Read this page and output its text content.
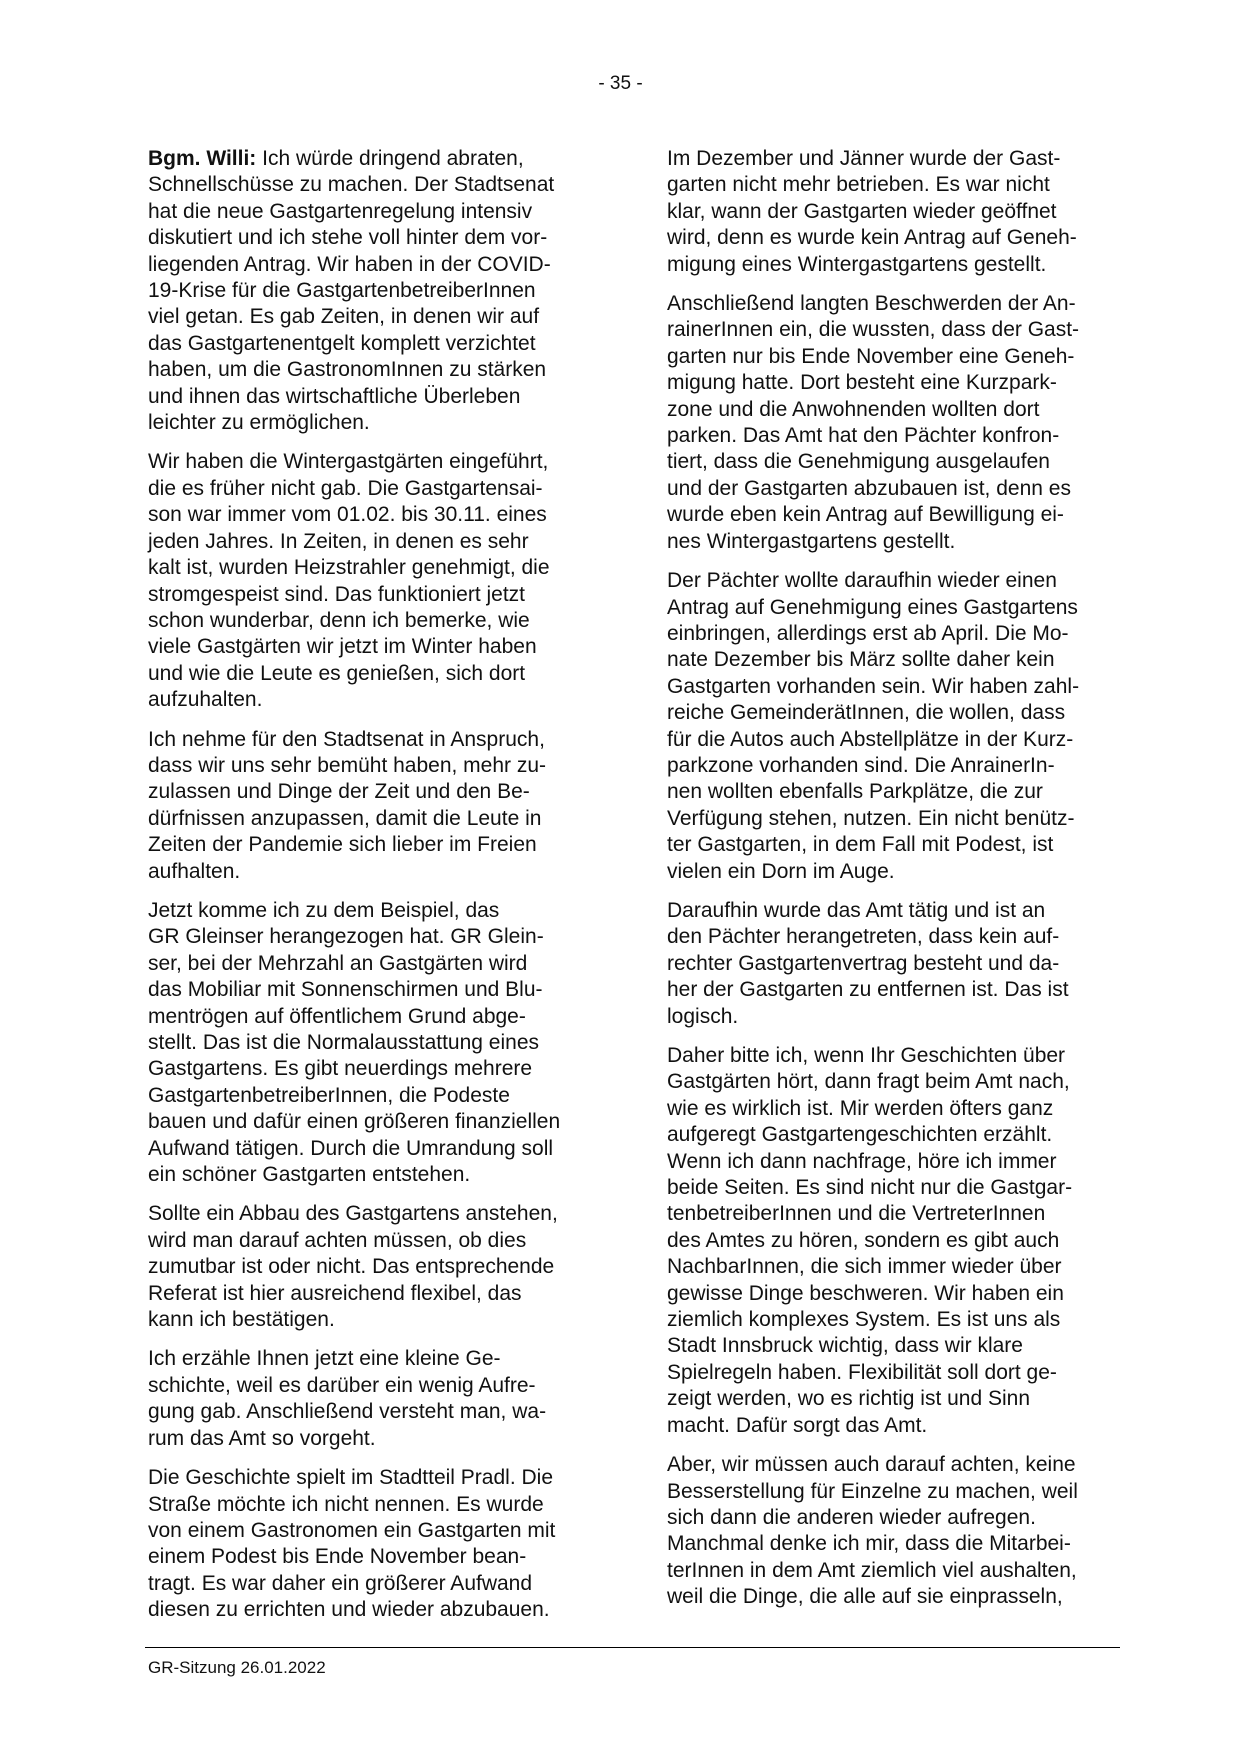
- 35 -

Bgm. Willi: Ich würde dringend abraten,
Schnellschüsse zu machen. Der Stadtsenat
hat die neue Gastgartenregelung intensiv
diskutiert und ich stehe voll hinter dem vor-
liegenden Antrag. Wir haben in der COVID-
19-Krise für die GastgartenbetreiberInnen
viel getan. Es gab Zeiten, in denen wir auf
das Gastgartenentgelt komplett verzichtet
haben, um die GastronomInnen zu stärken
und ihnen das wirtschaftliche Überleben
leichter zu ermöglichen.

Wir haben die Wintergastgärten eingeführt,
die es früher nicht gab. Die Gastgartensai-
son war immer vom 01.02. bis 30.11. eines
jeden Jahres. In Zeiten, in denen es sehr
kalt ist, wurden Heizstrahler genehmigt, die
stromgespeist sind. Das funktioniert jetzt
schon wunderbar, denn ich bemerke, wie
viele Gastgärten wir jetzt im Winter haben
und wie die Leute es genießen, sich dort
aufzuhalten.

Ich nehme für den Stadtsenat in Anspruch,
dass wir uns sehr bemüht haben, mehr zu-
zulassen und Dinge der Zeit und den Be-
dürfnissen anzupassen, damit die Leute in
Zeiten der Pandemie sich lieber im Freien
aufhalten.

Jetzt komme ich zu dem Beispiel, das
GR Gleinser herangezogen hat. GR Glein-
ser, bei der Mehrzahl an Gastgärten wird
das Mobiliar mit Sonnenschirmen und Blu-
mentrögen auf öffentlichem Grund abge-
stellt. Das ist die Normalausstattung eines
Gastgartens. Es gibt neuerdings mehrere
GastgartenbetreiberInnen, die Podeste
bauen und dafür einen größeren finanziellen
Aufwand tätigen. Durch die Umrandung soll
ein schöner Gastgarten entstehen.

Sollte ein Abbau des Gastgartens anstehen,
wird man darauf achten müssen, ob dies
zumutbar ist oder nicht. Das entsprechende
Referat ist hier ausreichend flexibel, das
kann ich bestätigen.

Ich erzähle Ihnen jetzt eine kleine Ge-
schichte, weil es darüber ein wenig Aufre-
gung gab. Anschließend versteht man, wa-
rum das Amt so vorgeht.

Die Geschichte spielt im Stadtteil Pradl. Die
Straße möchte ich nicht nennen. Es wurde
von einem Gastronomen ein Gastgarten mit
einem Podest bis Ende November bean-
tragt. Es war daher ein größerer Aufwand
diesen zu errichten und wieder abzubauen.

Im Dezember und Jänner wurde der Gast-
garten nicht mehr betrieben. Es war nicht
klar, wann der Gastgarten wieder geöffnet
wird, denn es wurde kein Antrag auf Geneh-
migung eines Wintergastgartens gestellt.

Anschließend langten Beschwerden der An-
rainerInnen ein, die wussten, dass der Gast-
garten nur bis Ende November eine Geneh-
migung hatte. Dort besteht eine Kurzpark-
zone und die Anwohnenden wollten dort
parken. Das Amt hat den Pächter konfron-
tiert, dass die Genehmigung ausgelaufen
und der Gastgarten abzubauen ist, denn es
wurde eben kein Antrag auf Bewilligung ei-
nes Wintergastgartens gestellt.

Der Pächter wollte daraufhin wieder einen
Antrag auf Genehmigung eines Gastgartens
einbringen, allerdings erst ab April. Die Mo-
nate Dezember bis März sollte daher kein
Gastgarten vorhanden sein. Wir haben zahl-
reiche GemeinderätInnen, die wollen, dass
für die Autos auch Abstellplätze in der Kurz-
parkzone vorhanden sind. Die AnrainerIn-
nen wollten ebenfalls Parkplätze, die zur
Verfügung stehen, nutzen. Ein nicht benütz-
ter Gastgarten, in dem Fall mit Podest, ist
vielen ein Dorn im Auge.

Daraufhin wurde das Amt tätig und ist an
den Pächter herangetreten, dass kein auf-
rechter Gastgartenvertrag besteht und da-
her der Gastgarten zu entfernen ist. Das ist
logisch.

Daher bitte ich, wenn Ihr Geschichten über
Gastgärten hört, dann fragt beim Amt nach,
wie es wirklich ist. Mir werden öfters ganz
aufgeregt Gastgartengeschichten erzählt.
Wenn ich dann nachfrage, höre ich immer
beide Seiten. Es sind nicht nur die Gastgar-
tenbetreiberInnen und die VertreterInnen
des Amtes zu hören, sondern es gibt auch
NachbarInnen, die sich immer wieder über
gewisse Dinge beschweren. Wir haben ein
ziemlich komplexes System. Es ist uns als
Stadt Innsbruck wichtig, dass wir klare
Spielregeln haben. Flexibilität soll dort ge-
zeigt werden, wo es richtig ist und Sinn
macht. Dafür sorgt das Amt.

Aber, wir müssen auch darauf achten, keine
Besserstellung für Einzelne zu machen, weil
sich dann die anderen wieder aufregen.
Manchmal denke ich mir, dass die Mitarbei-
terInnen in dem Amt ziemlich viel aushalten,
weil die Dinge, die alle auf sie einprasseln,

GR-Sitzung 26.01.2022
